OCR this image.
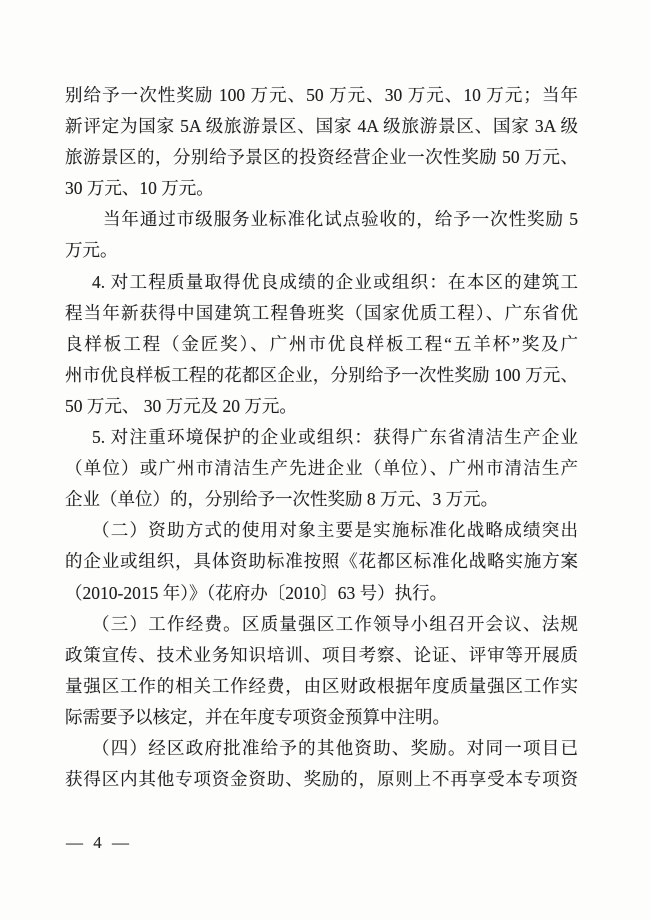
别给予一次性奖励 100 万元、50 万元、30 万元、10 万元；当年
新评定为国家 5A 级旅游景区、国家 4A 级旅游景区、国家 3A 级
旅游景区的，分别给予景区的投资经营企业一次性奖励 50 万元、
30 万元、10 万元。
当年通过市级服务业标准化试点验收的，给予一次性奖励 5
万元。
4. 对工程质量取得优良成绩的企业或组织：在本区的建筑工
程当年新获得中国建筑工程鲁班奖（国家优质工程）、广东省优
良样板工程（金匠奖）、广州市优良样板工程“五羊杯”奖及广
州市优良样板工程的花都区企业，分别给予一次性奖励 100 万元、
50 万元、 30 万元及 20 万元。
5. 对注重环境保护的企业或组织：获得广东省清洁生产企业
（单位）或广州市清洁生产先进企业（单位）、广州市清洁生产
企业（单位）的，分别给予一次性奖励 8 万元、3 万元。
（二）资助方式的使用对象主要是实施标准化战略成绩突出
的企业或组织，具体资助标准按照《花都区标准化战略实施方案
（2010-2015 年）》（花府办〔2010〕63 号）执行。
（三）工作经费。区质量强区工作领导小组召开会议、法规
政策宣传、技术业务知识培训、项目考察、论证、评审等开展质
量强区工作的相关工作经费，由区财政根据年度质量强区工作实
际需要予以核定，并在年度专项资金预算中注明。
（四）经区政府批准给予的其他资助、奖励。对同一项目已
获得区内其他专项资金资助、奖励的，原则上不再享受本专项资
— 4 —
